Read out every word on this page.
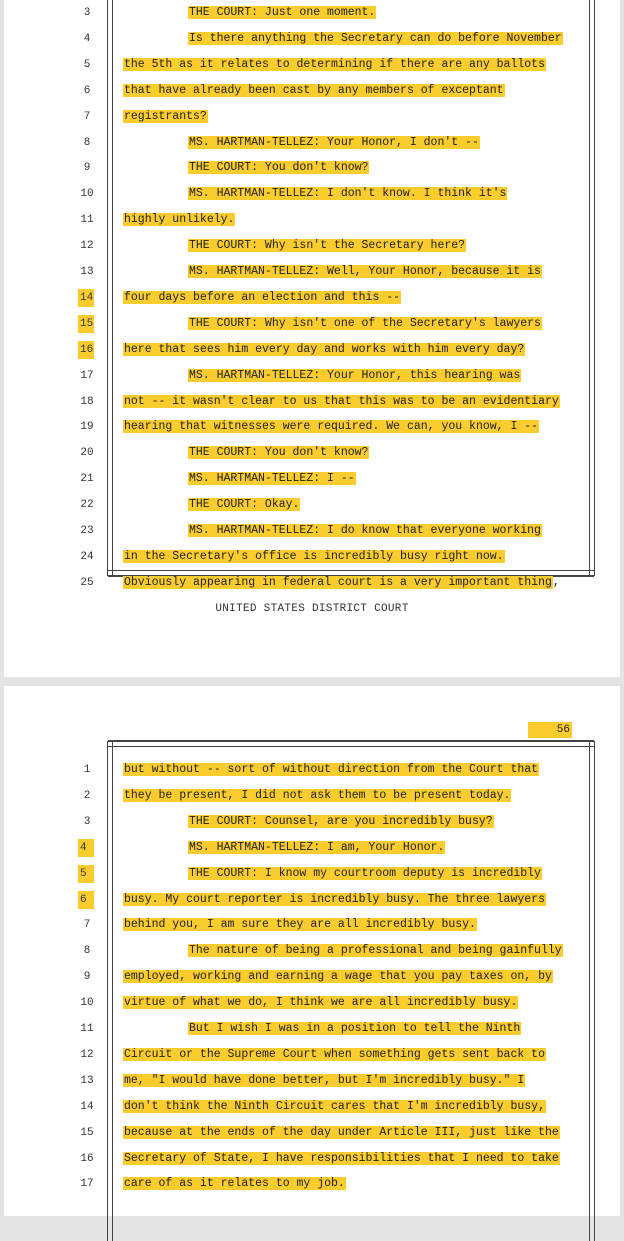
3	THE COURT: Just one moment.
4	Is there anything the Secretary can do before November
5	the 5th as it relates to determining if there are any ballots
6	that have already been cast by any members of exceptant
7	registrants?
8	MS. HARTMAN-TELLEZ: Your Honor, I don't --
9	THE COURT: You don't know?
10	MS. HARTMAN-TELLEZ: I don't know. I think it's
11	highly unlikely.
12	THE COURT: Why isn't the Secretary here?
13	MS. HARTMAN-TELLEZ: Well, Your Honor, because it is
14	four days before an election and this --
15	THE COURT: Why isn't one of the Secretary's lawyers
16	here that sees him every day and works with him every day?
17	MS. HARTMAN-TELLEZ: Your Honor, this hearing was
18	not -- it wasn't clear to us that this was to be an evidentiary
19	hearing that witnesses were required. We can, you know, I --
20	THE COURT: You don't know?
21	MS. HARTMAN-TELLEZ: I --
22	THE COURT: Okay.
23	MS. HARTMAN-TELLEZ: I do know that everyone working
24	in the Secretary's office is incredibly busy right now.
25	Obviously appearing in federal court is a very important thing,
UNITED STATES DISTRICT COURT
56
1	but without -- sort of without direction from the Court that
2	they be present, I did not ask them to be present today.
3	THE COURT: Counsel, are you incredibly busy?
4	MS. HARTMAN-TELLEZ: I am, Your Honor.
5	THE COURT: I know my courtroom deputy is incredibly
6	busy. My court reporter is incredibly busy. The three lawyers
7	behind you, I am sure they are all incredibly busy.
8	The nature of being a professional and being gainfully
9	employed, working and earning a wage that you pay taxes on, by
10	virtue of what we do, I think we are all incredibly busy.
11	But I wish I was in a position to tell the Ninth
12	Circuit or the Supreme Court when something gets sent back to
13	me, "I would have done better, but I'm incredibly busy." I
14	don't think the Ninth Circuit cares that I'm incredibly busy,
15	because at the ends of the day under Article III, just like the
16	Secretary of State, I have responsibilities that I need to take
17	care of as it relates to my job.
